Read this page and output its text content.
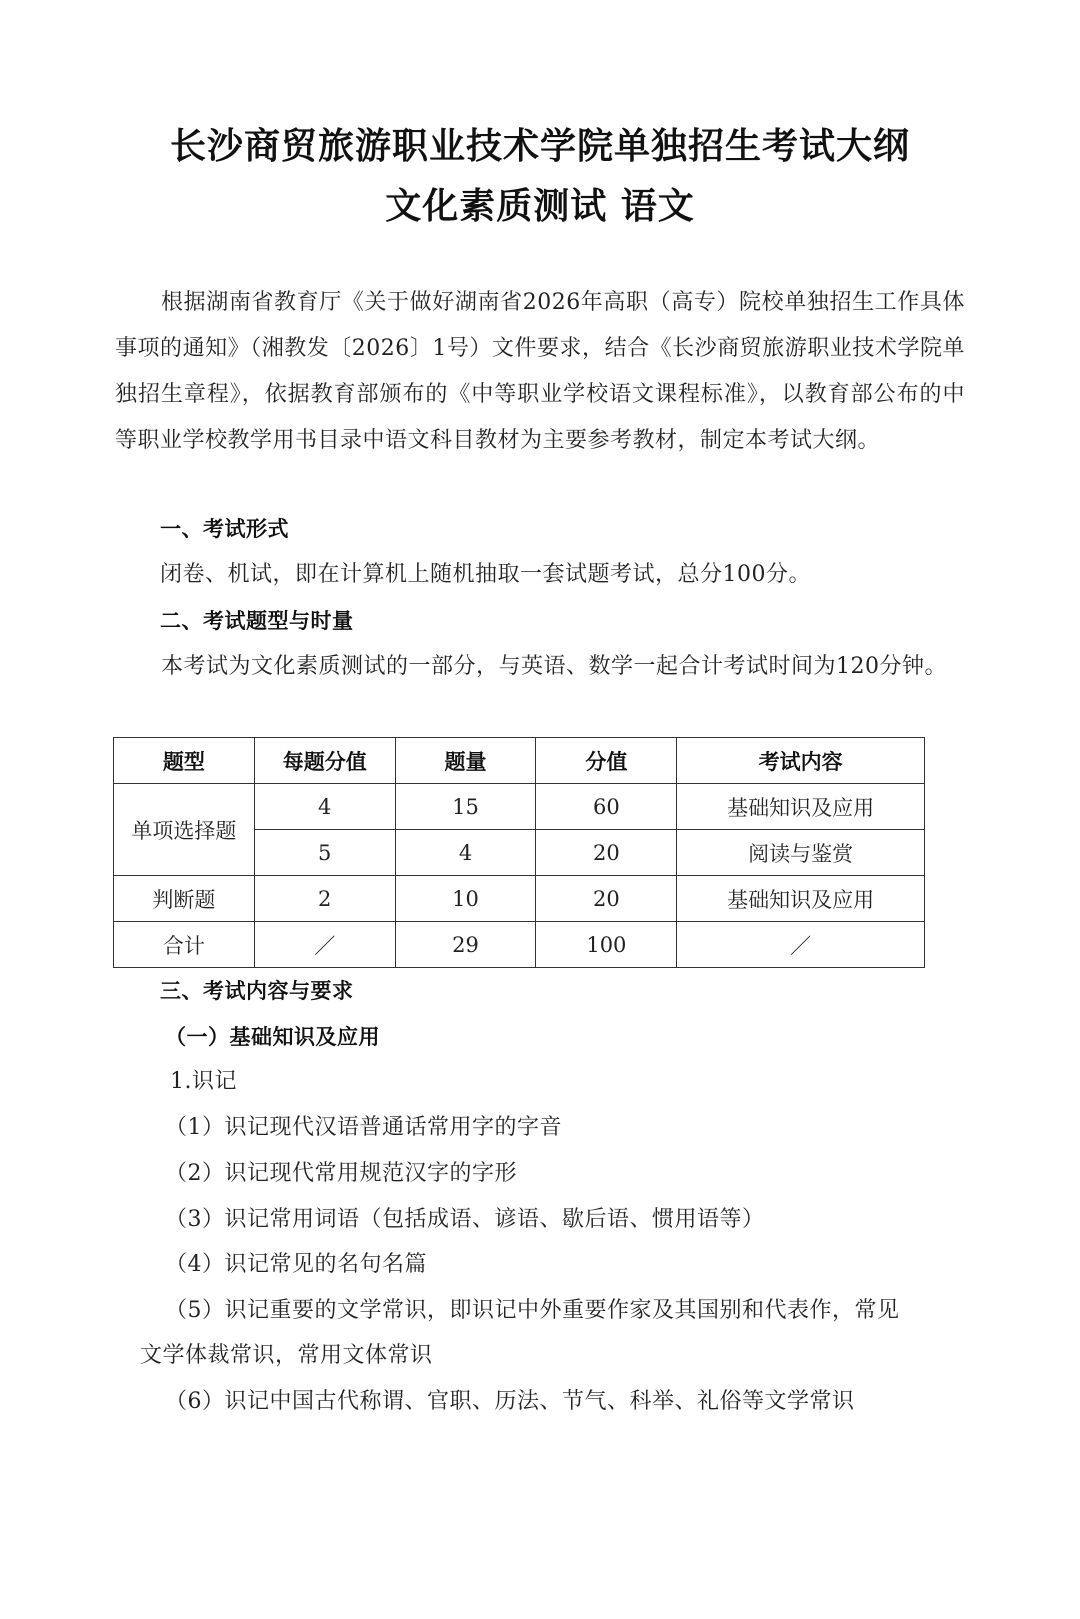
长沙商贸旅游职业技术学院单独招生考试大纲
文化素质测试 语文
根据湖南省教育厅《关于做好湖南省2026年高职（高专）院校单独招生工作具体事项的通知》（湘教发〔2026〕1号）文件要求，结合《长沙商贸旅游职业技术学院单独招生章程》，依据教育部颁布的《中等职业学校语文课程标准》，以教育部公布的中等职业学校教学用书目录中语文科目教材为主要参考教材，制定本考试大纲。
一、考试形式
闭卷、机试，即在计算机上随机抽取一套试题考试，总分100分。
二、考试题型与时量
本考试为文化素质测试的一部分，与英语、数学一起合计考试时间为120分钟。
题型	每题分值	题量	分值	考试内容
单项选择题	4	15	60	基础知识及应用
	5	4	20	阅读与鉴赏
判断题	2	10	20	基础知识及应用
合计	／	29	100	／
三、考试内容与要求
（一）基础知识及应用
1.识记
（1）识记现代汉语普通话常用字的字音
（2）识记现代常用规范汉字的字形
（3）识记常用词语（包括成语、谚语、歇后语、惯用语等）
（4）识记常见的名句名篇
（5）识记重要的文学常识，即识记中外重要作家及其国别和代表作，常见
文学体裁常识，常用文体常识
（6）识记中国古代称谓、官职、历法、节气、科举、礼俗等文学常识
